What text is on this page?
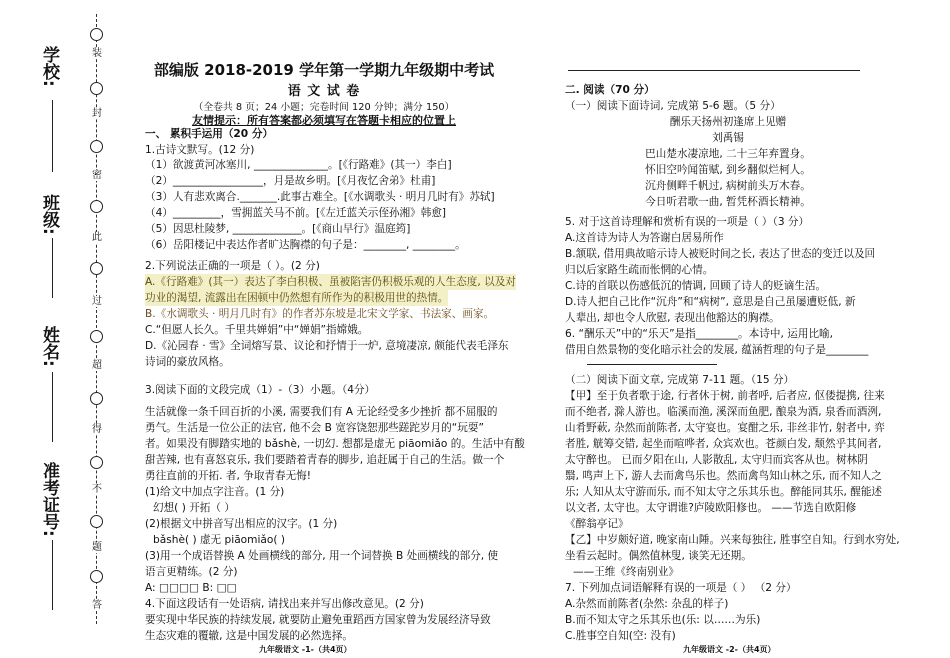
装
封
密
此
过
超
得
不
题
答
学校:
班级:
姓名:
准考证号:
部编版 2018-2019 学年第一学期九年级期中考试
语 文 试 卷
（全卷共 8 页；24 小题；完卷时间 120 分钟；满分 150）
友情提示：所有答案都必须填写在答题卡相应的位置上
一、 累积手运用（20 分）
1.古诗文默写。(12 分)
（1）欲渡黄河冰塞川, ______________。[《行路难》(其一）李白]
（2）_________________，月是故乡明。[《月夜忆舍弟》杜甫]
（3）人有悲欢离合._______.此事古难全。[《水调歌头 · 明月几时有》苏轼]
（4）_________，雪拥蓝关马不前。[《左迁蓝关示侄孙湘》韩愈]
（5）因思杜陵梦, _____________。[《商山早行》温庭筠]
（6）岳阳楼记中表达作者旷达胸襟的句子是：________, ________。
2.下列说法正确的一项是（ ）。(2 分)
A.《行路难》(其一）表达了李白积极、虽被陷害仍积极乐观的人生态度, 以及对
功业的渴望, 流露出在困顿中仍然想有所作为的积极用世的热情。
B.《水调歌头 · 明月几时有》的作者苏东坡是北宋文学家、书法家、画家。
C.“但愿人长久。千里共婵娟”中“婵娟”指嫦娥。
D.《沁园春 · 雪》全词熔写景、议论和抒情于一炉, 意境凄凉, 颇能代表毛泽东
诗词的豪放风格。
3.阅读下面的文段完成（1）-（3）小题。（4分）
生活就像一条千回百折的小溪, 需要我们有 A 无论经受多少挫折 都不屈服的
勇气。生活是一位公正的法官, 他不会 B 宽容饶恕那些蹉跎岁月的“玩耍”
者。如果没有脚踏实地的 bǎshè, 一切幻. 想都是虚无 piāomiǎo 的。生活中有酸
甜苦辣, 也有喜怒哀乐, 我们要踏着青春的脚步, 追赶属于自己的生活。做一个
勇往直前的开拓. 者, 争取青春无悔!
(1)给文中加点字注音。(1 分)
幻想( ) 开拓（ ）
(2)根据文中拼音写出相应的汉字。(1 分)
bǎshè( ) 虚无 piāomiǎo( )
(3)用一个成语替换 A 处画横线的部分, 用一个词替换 B 处画横线的部分, 使
语言更精练。(2 分)
A: □□□□ B: □□
4.下面这段话有一处语病, 请找出来并写出修改意见。(2 分)
要实现中华民族的持续发展, 就要防止避免重蹈西方国家曾为发展经济导致
生态灾难的覆辙, 这是中国发展的必然选择。
九年级语文 -1-（共4页）
二. 阅读（70 分）
（一）阅读下面诗词, 完成第 5-6 题。（5 分）
酬乐天扬州初逢席上见赠
刘禹锡
巴山楚水凄凉地, 二十三年弃置身。
怀旧空吟闻笛赋, 到乡翻似烂柯人。
沉舟侧畔千帆过, 病树前头万木春。
今日听君歌一曲, 暂凭杯酒长精神。
5. 对于这首诗理解和赏析有误的一项是（ ）（3 分）
A.这首诗为诗人为答谢白居易所作
B.颔联, 借用典故暗示诗人被贬时间之长, 表达了世态的变迁以及回
归以后家路生疏而怅惘的心情。
C.诗的首联以伤感低沉的情调, 回顾了诗人的贬谪生活。
D.诗人把自己比作“沉舟”和“病树”, 意思是自己虽屡遭贬低, 新
人辈出, 却也令人欣慰, 表现出他豁达的胸襟。
6. “酬乐天”中的“乐天”是指________。本诗中, 运用比喻,
借用自然景物的变化暗示社会的发展, 蕴涵哲理的句子是________
（二）阅读下面文章, 完成第 7-11 题。（15 分）
【甲】至于负者歌于途, 行者休于树, 前者呼, 后者应, 伛偻提携, 往来
而不绝者, 滁人游也。临溪而渔, 溪深而鱼肥, 酿泉为酒, 泉香而酒洌,
山肴野蔌, 杂然而前陈者, 太守宴也。宴酣之乐, 非丝非竹, 射者中, 弈
者胜, 觥筹交错, 起坐而喧哗者, 众宾欢也。苍颜白发, 颓然乎其间者,
太守醉也。 已而夕阳在山, 人影散乱, 太守归而宾客从也。树林阴
翳, 鸣声上下, 游人去而禽鸟乐也。然而禽鸟知山林之乐, 而不知人之
乐; 人知从太守游而乐, 而不知太守之乐其乐也。醉能同其乐, 醒能述
以文者, 太守也。太守谓谁?庐陵欧阳修也。 ——节选自欧阳修
《醉翁亭记》
【乙】中岁颇好道, 晚家南山陲。兴来每独往, 胜事空自知。行到水穷处,
坐看云起时。偶然值林叟, 谈笑无还期。
——王维《终南别业》
7. 下列加点词语解释有误的一项是（ ） （2 分）
A.杂然而前陈者(杂然: 杂乱的样子)
B.而不知太守之乐其乐也(乐: 以……为乐)
C.胜事空自知(空: 没有)
九年级语文 -2-（共4页）
